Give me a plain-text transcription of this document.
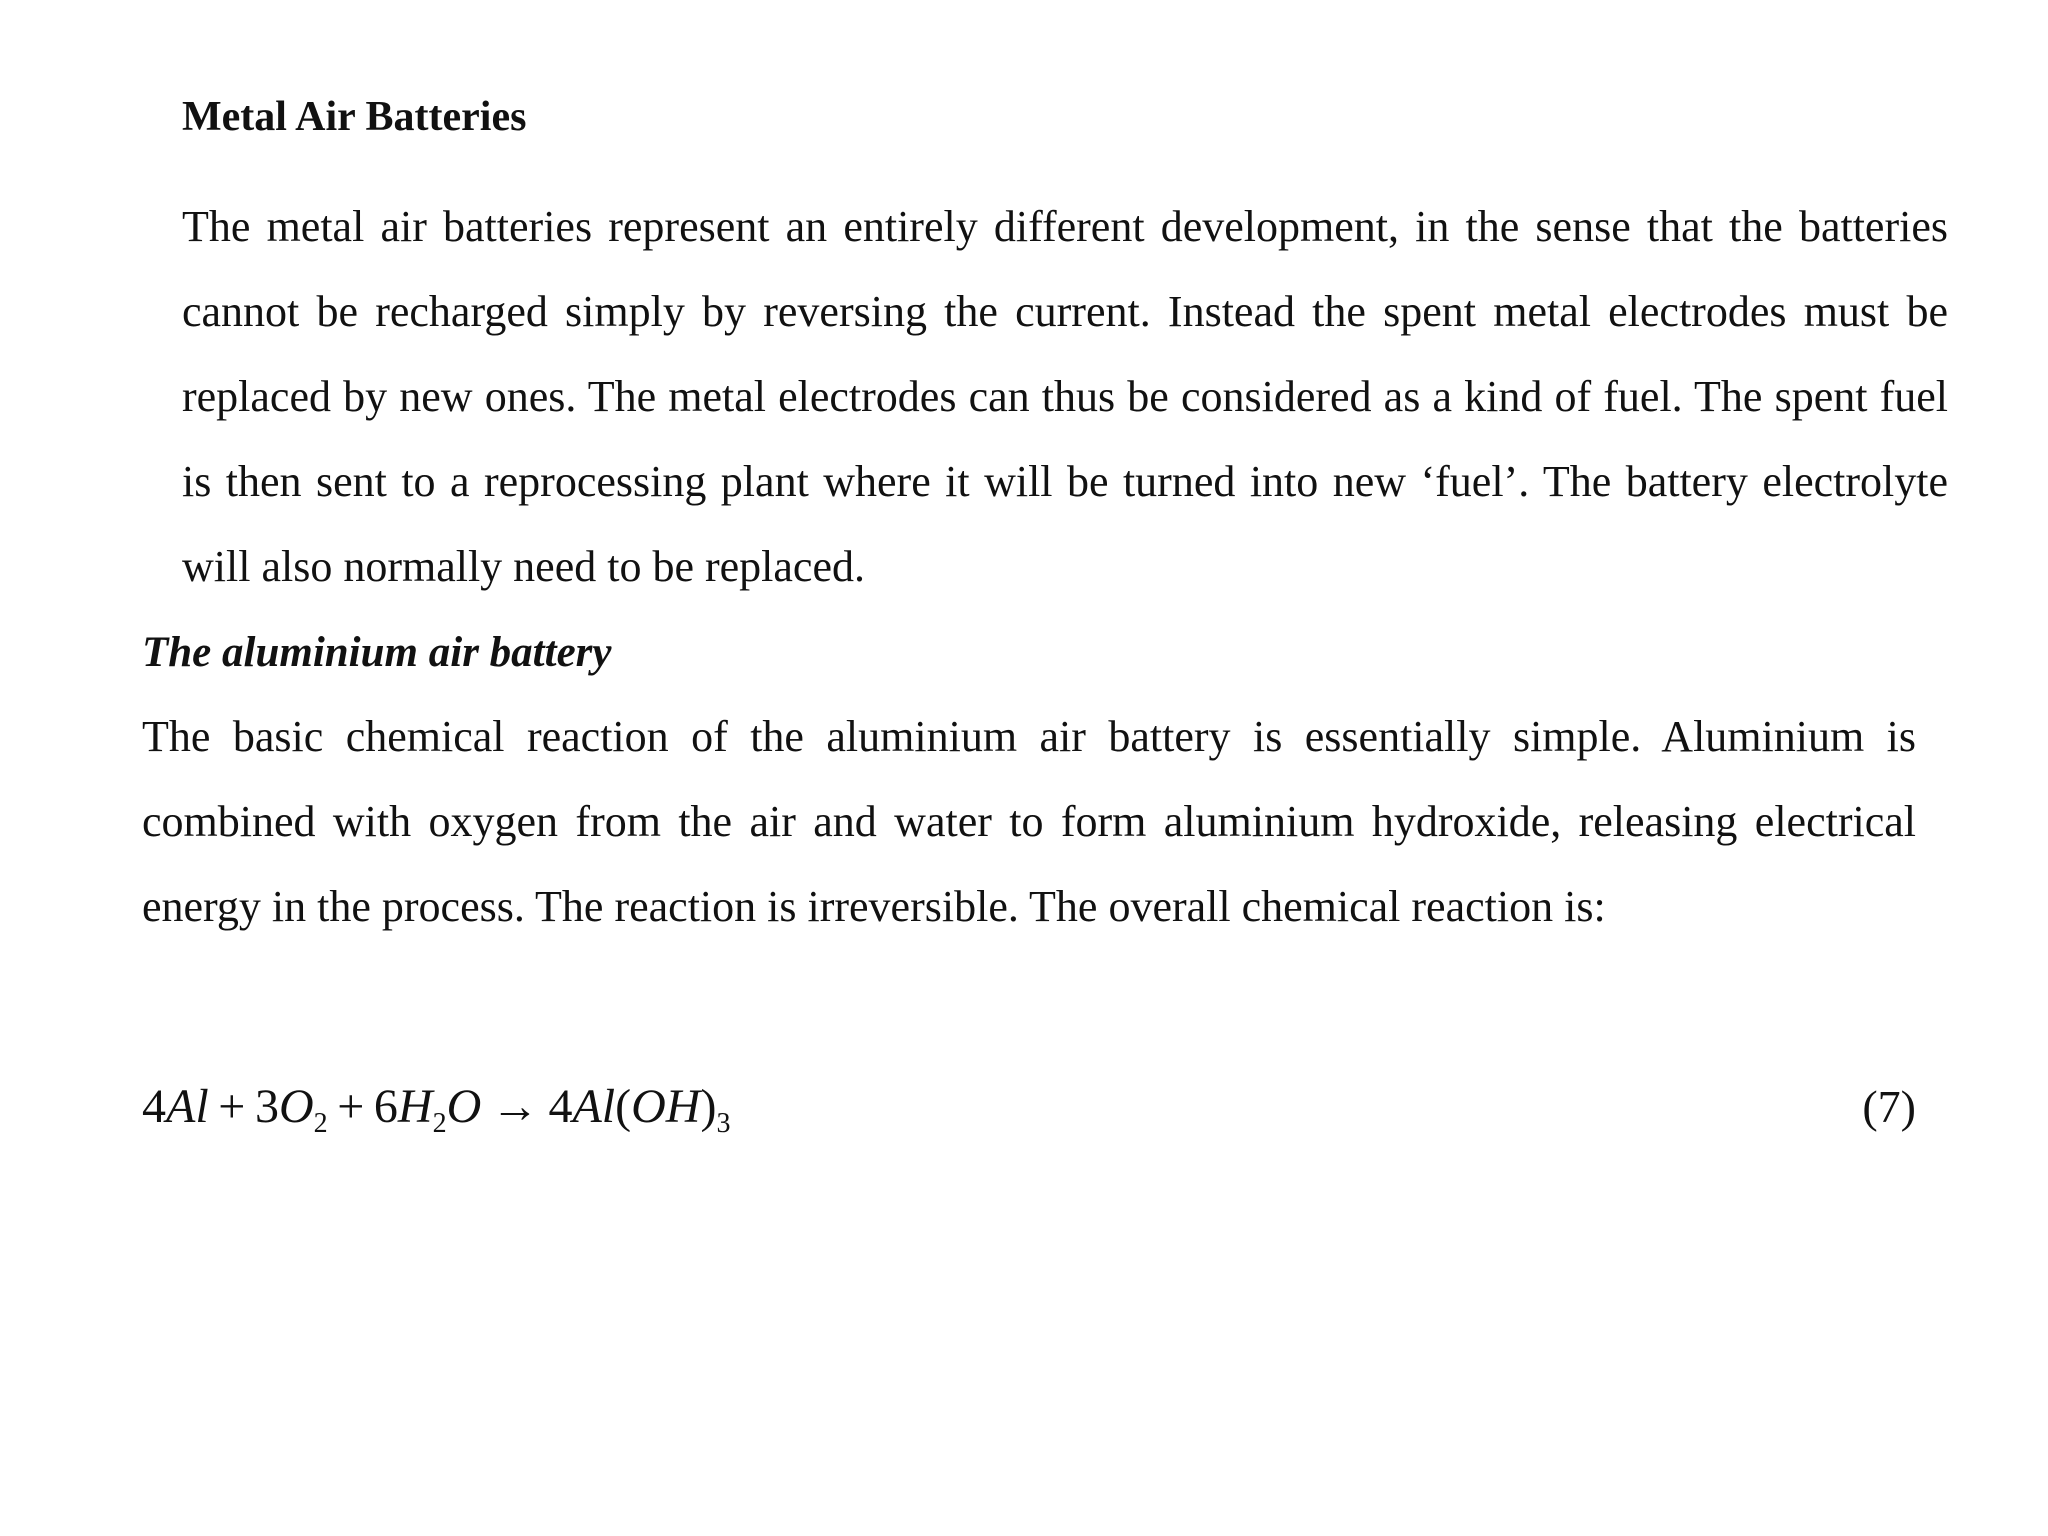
Metal Air Batteries

The metal air batteries represent an entirely different development, in the sense that the batteries cannot be recharged simply by reversing the current. Instead the spent metal electrodes must be replaced by new ones. The metal electrodes can thus be considered as a kind of fuel. The spent fuel is then sent to a reprocessing plant where it will be turned into new ‘fuel’. The battery electrolyte will also normally need to be replaced.

The aluminium air battery

The basic chemical reaction of the aluminium air battery is essentially simple. Aluminium is combined with oxygen from the air and water to form aluminium hydroxide, releasing electrical energy in the process. The reaction is irreversible. The overall chemical reaction is:

$4Al + 3O_2 + 6H_2O \to 4Al(OH)_3$	(7)
